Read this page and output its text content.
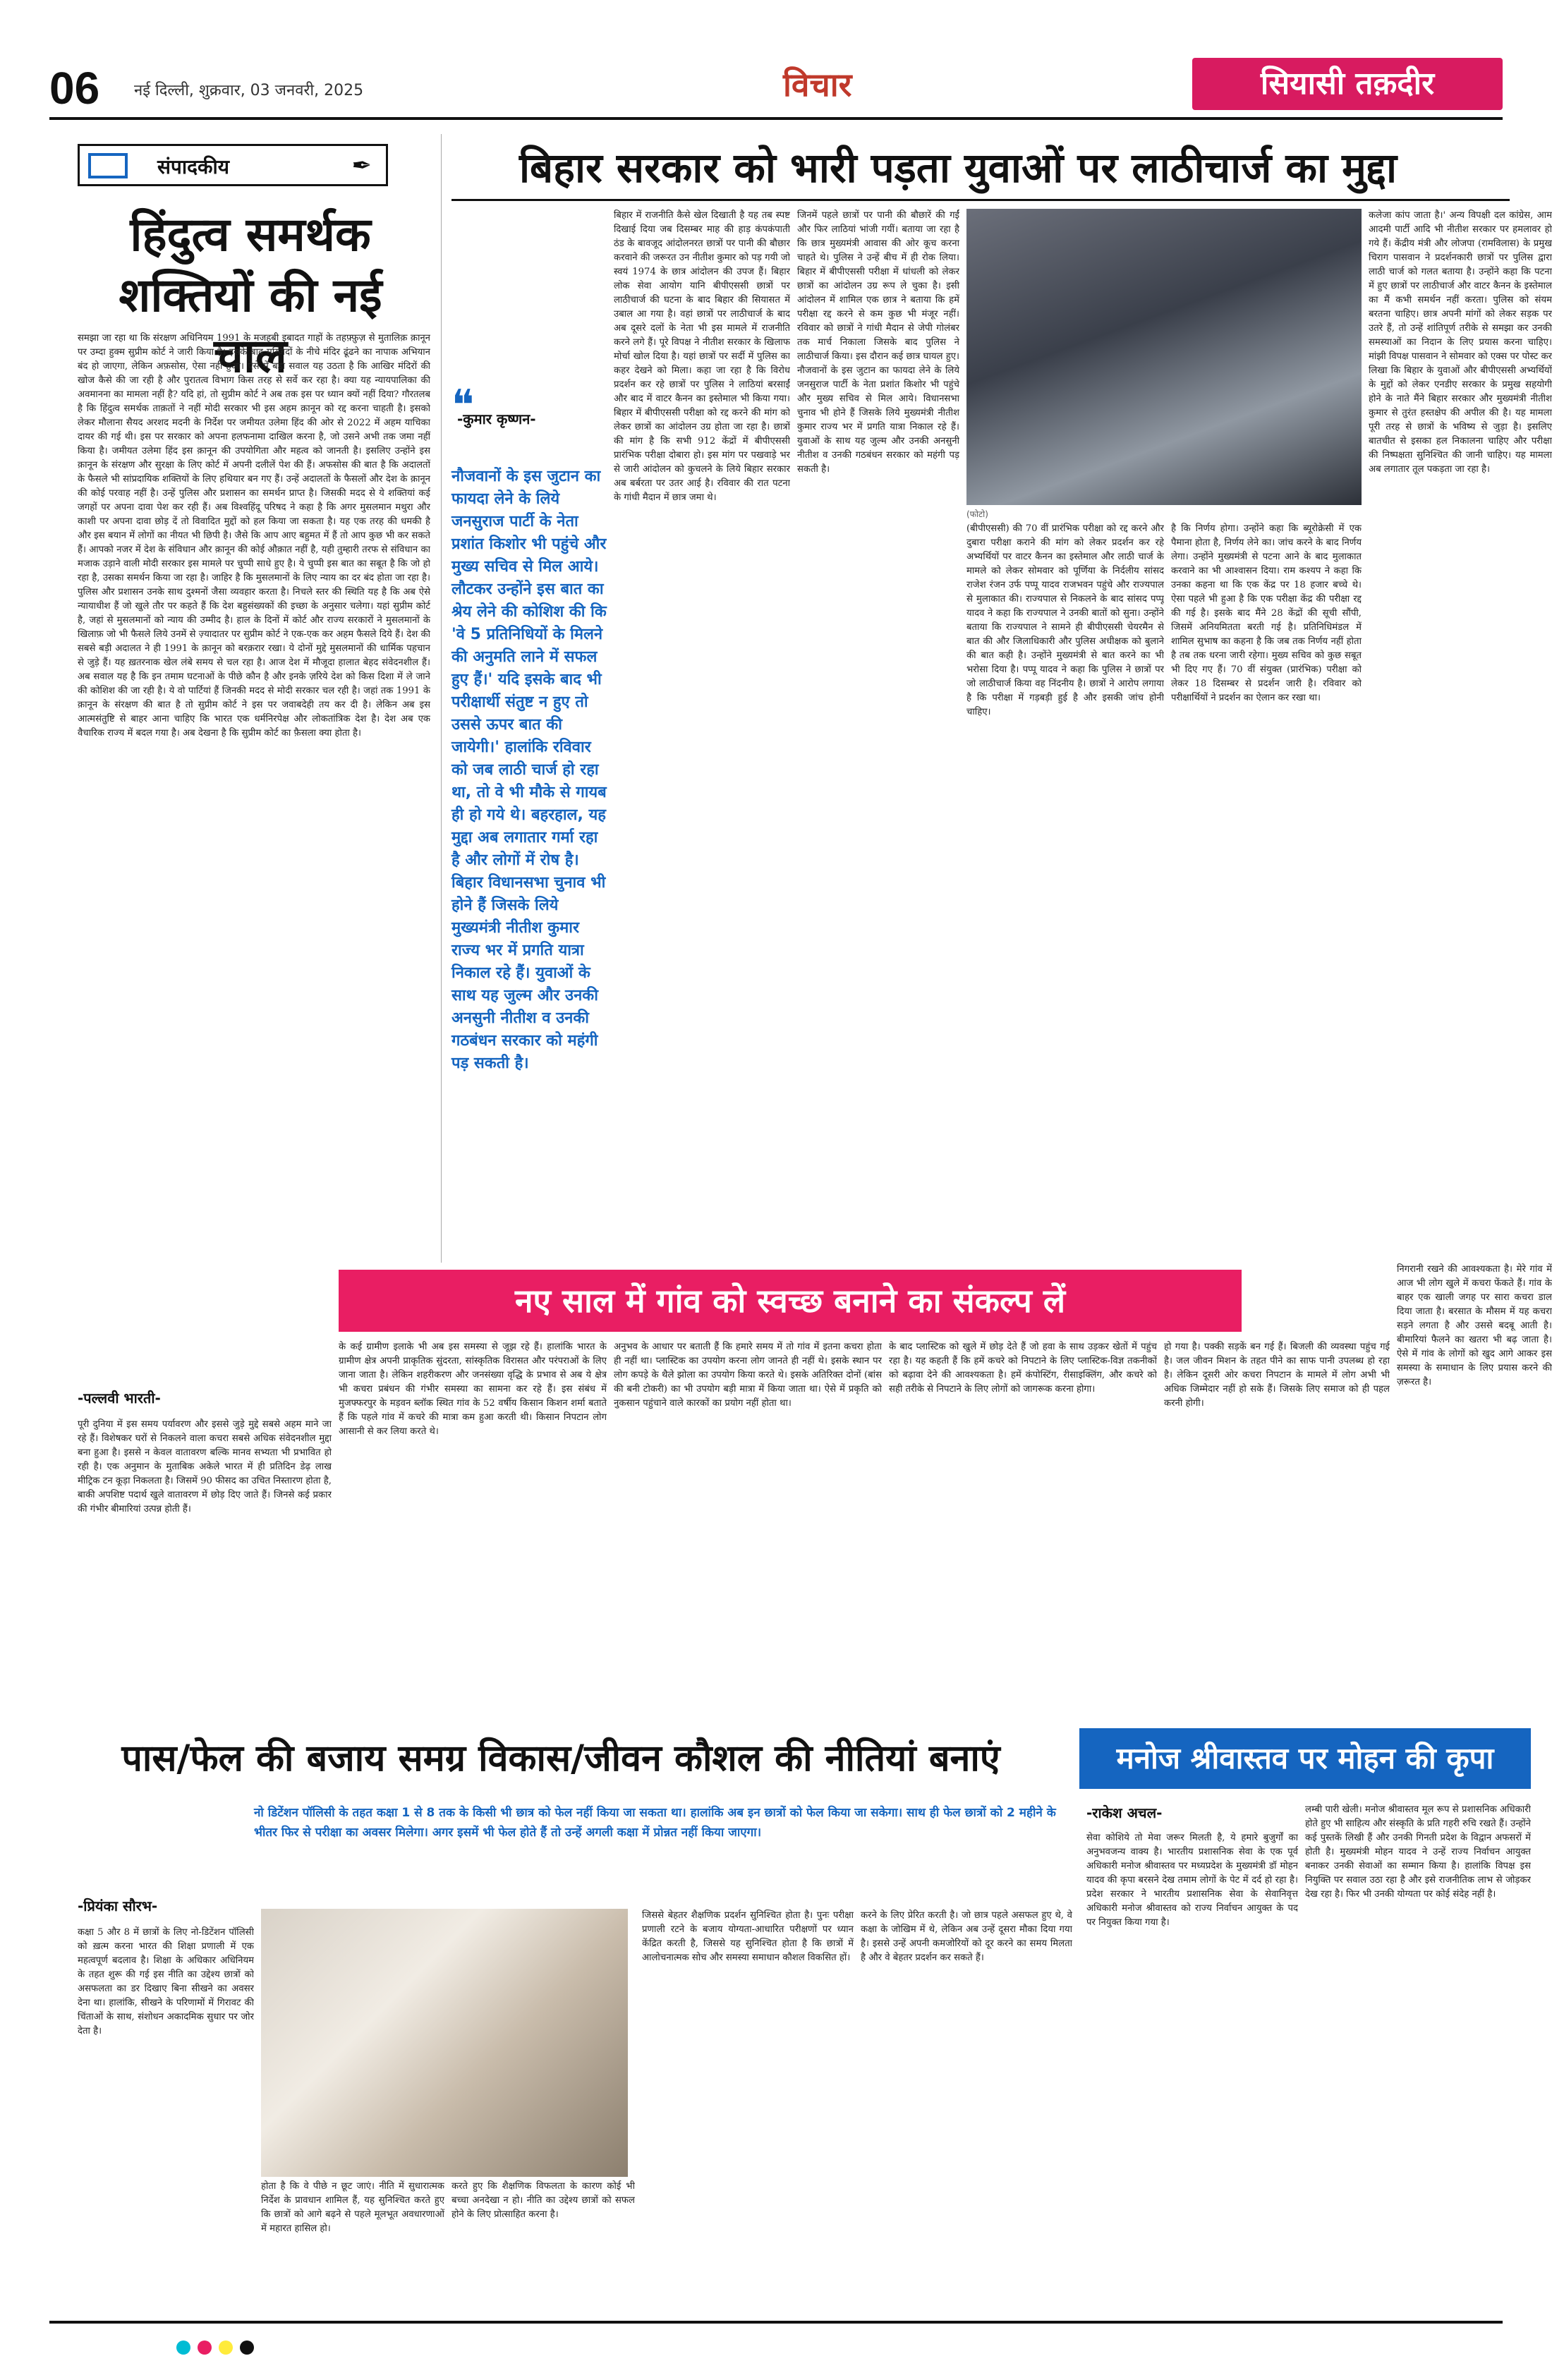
06 नई दिल्ली, शुक्रवार, 03 जनवरी, 2025	विचार	सियासी तक़दीर
संपादकीय	✒
हिंदुत्व समर्थक शक्तियों की नई चाल
समझा जा रहा था कि संरक्षण अधिनियम 1991 के मजहबी इबादत गाहों के तहफ़्फ़ुज़ से मुतालिक़ क़ानून पर उम्दा हुक्म सुप्रीम कोर्ट ने जारी किया है। इसके बाद मस्जिदों के नीचे मंदिर ढूंढने का नापाक अभियान बंद हो जाएगा, लेकिन अफ़सोस, ऐसा नहीं हुआ। ऐसे में बड़ा सवाल यह उठता है कि आखिर मंदिरों की खोज कैसे की जा रही है और पुरातत्व विभाग किस तरह से सर्वे कर रहा है। क्या यह न्यायपालिका की अवमानना का मामला नहीं है? यदि हां, तो सुप्रीम कोर्ट ने अब तक इस पर ध्यान क्यों नहीं दिया? गौरतलब है कि हिंदुत्व समर्थक ताक़तों ने नहीं मोदी सरकार भी इस अहम क़ानून को रद्द करना चाहती है। इसको लेकर मौलाना सैयद अरशद मदनी के निर्देश पर जमीयत उलेमा हिंद की ओर से 2022 में अहम याचिका दायर की गई थी। इस पर सरकार को अपना हलफनामा दाखिल करना है, जो उसने अभी तक जमा नहीं किया है। जमीयत उलेमा हिंद इस क़ानून की उपयोगिता और महत्व को जानती है। इसलिए उन्होंने इस क़ानून के संरक्षण और सुरक्षा के लिए कोर्ट में अपनी दलीलें पेश की हैं। अफसोस की बात है कि अदालतों के फैसले भी सांप्रदायिक शक्तियों के लिए हथियार बन गए हैं। उन्हें अदालतों के फैसलों और देश के क़ानून की कोई परवाह नहीं है। उन्हें पुलिस और प्रशासन का समर्थन प्राप्त है। जिसकी मदद से ये शक्तियां कई जगहों पर अपना दावा पेश कर रही हैं। अब विश्वहिंदू परिषद ने कहा है कि अगर मुसलमान मथुरा और काशी पर अपना दावा छोड़ दें तो विवादित मुद्दों को हल किया जा सकता है। यह एक तरह की धमकी है और इस बयान में लोगों का नीयत भी छिपी है। जैसे कि आप आए बहुमत में हैं तो आप कुछ भी कर सकते हैं। आपको नजर में देश के संविधान और क़ानून की कोई औक़ात नहीं है, यही तुम्हारी तरफ से संविधान का मजाक उड़ाने वाली मोदी सरकार इस मामले पर चुप्पी साधे हुए है। ये चुप्पी इस बात का सबूत है कि जो हो रहा है, उसका समर्थन किया जा रहा है। जाहिर है कि मुसलमानों के लिए न्याय का दर बंद होता जा रहा है। पुलिस और प्रशासन उनके साथ दुश्मनों जैसा व्यवहार करता है। निचले स्तर की स्थिति यह है कि अब ऐसे न्यायाधीश हैं जो खुले तौर पर कहते हैं कि देश बहुसंख्यकों की इच्छा के अनुसार चलेगा। यहां सुप्रीम कोर्ट है, जहां से मुसलमानों को न्याय की उम्मीद है। हाल के दिनों में कोर्ट और राज्य सरकारों ने मुसलमानों के खिलाफ़ जो भी फैसले लिये उनमें से ज़्यादातर पर सुप्रीम कोर्ट ने एक-एक कर अहम फैसले दिये हैं। देश की सबसे बड़ी अदालत ने ही 1991 के क़ानून को बरक़रार रखा। ये दोनों मुद्दे मुसलमानों की धार्मिक पहचान से जुड़े हैं। यह ख़तरनाक खेल लंबे समय से चल रहा है। आज देश में मौजूदा हालात बेहद संवेदनशील हैं। अब सवाल यह है कि इन तमाम घटनाओं के पीछे कौन है और इनके ज़रिये देश को किस दिशा में ले जाने की कोशिश की जा रही है। ये वो पार्टियां हैं जिनकी मदद से मोदी सरकार चल रही है। जहां तक 1991 के क़ानून के संरक्षण की बात है तो सुप्रीम कोर्ट ने इस पर जवाबदेही तय कर दी है। लेकिन अब इस आत्मसंतुष्टि से बाहर आना चाहिए कि भारत एक धर्मनिरपेक्ष और लोकतांत्रिक देश है। देश अब एक वैचारिक राज्य में बदल गया है। अब देखना है कि सुप्रीम कोर्ट का फ़ैसला क्या होता है।
बिहार सरकार को भारी पड़ता युवाओं पर लाठीचार्ज का मुद्दा
❝
-कुमार कृष्णन-
नौजवानों के इस जुटान का फायदा लेने के लिये जनसुराज पार्टी के नेता प्रशांत किशोर भी पहुंचे और मुख्य सचिव से मिल आये। लौटकर उन्होंने इस बात का श्रेय लेने की कोशिश की कि 'वे 5 प्रतिनिधियों के मिलने की अनुमति लाने में सफल हुए हैं।' यदि इसके बाद भी परीक्षार्थी संतुष्ट न हुए तो उससे ऊपर बात की जायेगी।' हालांकि रविवार को जब लाठी चार्ज हो रहा था, तो वे भी मौके से गायब ही हो गये थे। बहरहाल, यह मुद्दा अब लगातार गर्मा रहा है और लोगों में रोष है। बिहार विधानसभा चुनाव भी होने हैं जिसके लिये मुख्यमंत्री नीतीश कुमार राज्य भर में प्रगति यात्रा निकाल रहे हैं। युवाओं के साथ यह जुल्म और उनकी अनसुनी नीतीश व उनकी गठबंधन सरकार को महंगी पड़ सकती है।
बिहार में राजनीति कैसे खेल दिखाती है यह तब स्पष्ट दिखाई दिया जब दिसम्बर माह की हाड़ कंपकंपाती ठंड के बावजूद आंदोलनरत छात्रों पर पानी की बौछार करवाने की जरूरत उन नीतीश कुमार को पड़ गयी जो स्वयं 1974 के छात्र आंदोलन की उपज हैं। बिहार लोक सेवा आयोग यानि बीपीएससी छात्रों पर लाठीचार्ज की घटना के बाद बिहार की सियासत में उबाल आ गया है। वहां छात्रों पर लाठीचार्ज के बाद अब दूसरे दलों के नेता भी इस मामले में राजनीति करने लगे हैं। पूरे विपक्ष ने नीतीश सरकार के खिलाफ मोर्चा खोल दिया है। यहां छात्रों पर सर्दी में पुलिस का कहर देखने को मिला। कहा जा रहा है कि विरोध प्रदर्शन कर रहे छात्रों पर पुलिस ने लाठियां बरसाईं और बाद में वाटर कैनन का इस्तेमाल भी किया गया। बिहार में बीपीएससी परीक्षा को रद्द करने की मांग को लेकर छात्रों का आंदोलन उग्र होता जा रहा है। छात्रों की मांग है कि सभी 912 केंद्रों में बीपीएससी प्रारंभिक परीक्षा दोबारा हो। इस मांग पर पखवाड़े भर से जारी आंदोलन को कुचलने के लिये बिहार सरकार अब बर्बरता पर उतर आई है। रविवार की रात पटना के गांधी मैदान में छात्र जमा थे।
जिनमें पहले छात्रों पर पानी की बौछारें की गईं और फिर लाठियां भांजी गयीं। बताया जा रहा है कि छात्र मुख्यमंत्री आवास की ओर कूच करना चाहते थे। पुलिस ने उन्हें बीच में ही रोक लिया। बिहार में बीपीएससी परीक्षा में धांधली को लेकर छात्रों का आंदोलन उग्र रूप ले चुका है। इसी आंदोलन में शामिल एक छात्र ने बताया कि हमें परीक्षा रद्द करने से कम कुछ भी मंजूर नहीं। रविवार को छात्रों ने गांधी मैदान से जेपी गोलंबर तक मार्च निकाला जिसके बाद पुलिस ने लाठीचार्ज किया। इस दौरान कई छात्र घायल हुए। नौजवानों के इस जुटान का फायदा लेने के लिये जनसुराज पार्टी के नेता प्रशांत किशोर भी पहुंचे और मुख्य सचिव से मिल आये। विधानसभा चुनाव भी होने हैं जिसके लिये मुख्यमंत्री नीतीश कुमार राज्य भर में प्रगति यात्रा निकाल रहे हैं। युवाओं के साथ यह जुल्म और उनकी अनसुनी नीतीश व उनकी गठबंधन सरकार को महंगी पड़ सकती है।
(फोटो)
(बीपीएससी) की 70 वीं प्रारंभिक परीक्षा को रद्द करने और दुबारा परीक्षा कराने की मांग को लेकर प्रदर्शन कर रहे अभ्यर्थियों पर वाटर कैनन का इस्तेमाल और लाठी चार्ज के मामले को लेकर सोमवार को पूर्णिया के निर्दलीय सांसद राजेश रंजन उर्फ पप्पू यादव राजभवन पहुंचे और राज्यपाल से मुलाकात की। राज्यपाल से निकलने के बाद सांसद पप्पू यादव ने कहा कि राज्यपाल ने उनकी बातों को सुना। उन्होंने बताया कि राज्यपाल ने सामने ही बीपीएससी चेयरमैन से बात की और जिलाधिकारी और पुलिस अधीक्षक को बुलाने की बात कही है। उन्होंने मुख्यमंत्री से बात करने का भी भरोसा दिया है। पप्पू यादव ने कहा कि पुलिस ने छात्रों पर जो लाठीचार्ज किया वह निंदनीय है। छात्रों ने आरोप लगाया है कि परीक्षा में गड़बड़ी हुई है और इसकी जांच होनी चाहिए।
है कि निर्णय होगा। उन्होंने कहा कि ब्यूरोक्रेसी में एक पैमाना होता है, निर्णय लेने का। जांच करने के बाद निर्णय लेगा। उन्होंने मुख्यमंत्री से पटना आने के बाद मुलाकात करवाने का भी आश्वासन दिया। राम कश्यप ने कहा कि उनका कहना था कि एक केंद्र पर 18 हजार बच्चे थे। ऐसा पहले भी हुआ है कि एक परीक्षा केंद्र की परीक्षा रद्द की गई है। इसके बाद मैंने 28 केंद्रों की सूची सौंपी, जिसमें अनियमितता बरती गई है। प्रतिनिधिमंडल में शामिल सुभाष का कहना है कि जब तक निर्णय नहीं होता है तब तक धरना जारी रहेगा। मुख्य सचिव को कुछ सबूत भी दिए गए हैं। 70 वीं संयुक्त (प्रारंभिक) परीक्षा को लेकर 18 दिसम्बर से प्रदर्शन जारी है। रविवार को परीक्षार्थियों ने प्रदर्शन का ऐलान कर रखा था।
कलेजा कांप जाता है।' अन्य विपक्षी दल कांग्रेस, आम आदमी पार्टी आदि भी नीतीश सरकार पर हमलावर हो गये हैं। केंद्रीय मंत्री और लोजपा (रामविलास) के प्रमुख चिराग पासवान ने प्रदर्शनकारी छात्रों पर पुलिस द्वारा लाठी चार्ज को गलत बताया है। उन्होंने कहा कि पटना में हुए छात्रों पर लाठीचार्ज और वाटर कैनन के इस्तेमाल का मैं कभी समर्थन नहीं करता। पुलिस को संयम बरतना चाहिए। छात्र अपनी मांगों को लेकर सड़क पर उतरे हैं, तो उन्हें शांतिपूर्ण तरीके से समझा कर उनकी समस्याओं का निदान के लिए प्रयास करना चाहिए। मांझी विपक्ष पासवान ने सोमवार को एक्स पर पोस्ट कर लिखा कि बिहार के युवाओं और बीपीएससी अभ्यर्थियों के मुद्दों को लेकर एनडीए सरकार के प्रमुख सहयोगी होने के नाते मैंने बिहार सरकार और मुख्यमंत्री नीतीश कुमार से तुरंत हस्तक्षेप की अपील की है। यह मामला पूरी तरह से छात्रों के भविष्य से जुड़ा है। इसलिए बातचीत से इसका हल निकालना चाहिए और परीक्षा की निष्पक्षता सुनिश्चित की जानी चाहिए। यह मामला अब लगातार तूल पकड़ता जा रहा है।
नए साल में गांव को स्वच्छ बनाने का संकल्प लें
-पल्लवी भारती-
पूरी दुनिया में इस समय पर्यावरण और इससे जुड़े मुद्दे सबसे अहम माने जा रहे हैं। विशेषकर घरों से निकलने वाला कचरा सबसे अधिक संवेदनशील मुद्दा बना हुआ है। इससे न केवल वातावरण बल्कि मानव सभ्यता भी प्रभावित हो रही है। एक अनुमान के मुताबिक अकेले भारत में ही प्रतिदिन डेढ़ लाख मीट्रिक टन कूड़ा निकलता है। जिसमें 90 फीसद का उचित निस्तारण होता है, बाकी अपशिष्ट पदार्थ खुले वातावरण में छोड़ दिए जाते हैं। जिनसे कई प्रकार की गंभीर बीमारियां उत्पन्न होती हैं।
के कई ग्रामीण इलाके भी अब इस समस्या से जूझ रहे हैं। हालांकि भारत के ग्रामीण क्षेत्र अपनी प्राकृतिक सुंदरता, सांस्कृतिक विरासत और परंपराओं के लिए जाना जाता है। लेकिन शहरीकरण और जनसंख्या वृद्धि के प्रभाव से अब ये क्षेत्र भी कचरा प्रबंधन की गंभीर समस्या का सामना कर रहे हैं। इस संबंध में मुजफ्फरपुर के मड़वन ब्लॉक स्थित गांव के 52 वर्षीय किसान किशन शर्मा बताते हैं कि पहले गांव में कचरे की मात्रा कम हुआ करती थी। किसान निपटान लोग आसानी से कर लिया करते थे।
अनुभव के आधार पर बताती हैं कि हमारे समय में तो गांव में इतना कचरा होता ही नहीं था। प्लास्टिक का उपयोग करना लोग जानते ही नहीं थे। इसके स्थान पर लोग कपड़े के थैले झोला का उपयोग किया करते थे। इसके अतिरिक्त दोनों (बांस की बनी टोकरी) का भी उपयोग बड़ी मात्रा में किया जाता था। ऐसे में प्रकृति को नुकसान पहुंचाने वाले कारकों का प्रयोग नहीं होता था।
के बाद प्लास्टिक को खुले में छोड़ देते हैं जो हवा के साथ उड़कर खेतों में पहुंच रहा है। यह कहती हैं कि हमें कचरे को निपटाने के लिए प्लास्टिक-विज्ञ तकनीकों को बढ़ावा देने की आवश्यकता है। हमें कंपोस्टिंग, रीसाइक्लिंग, और कचरे को सही तरीके से निपटाने के लिए लोगों को जागरूक करना होगा।
हो गया है। पक्की सड़कें बन गई हैं। बिजली की व्यवस्था पहुंच गई है। जल जीवन मिशन के तहत पीने का साफ पानी उपलब्ध हो रहा है। लेकिन दूसरी ओर कचरा निपटान के मामले में लोग अभी भी अधिक जिम्मेदार नहीं हो सके हैं। जिसके लिए समाज को ही पहल करनी होगी।
निगरानी रखने की आवश्यकता है। मेरे गांव में आज भी लोग खुले में कचरा फेंकते हैं। गांव के बाहर एक खाली जगह पर सारा कचरा डाल दिया जाता है। बरसात के मौसम में यह कचरा सड़ने लगता है और उससे बदबू आती है। बीमारियां फैलने का खतरा भी बढ़ जाता है। ऐसे में गांव के लोगों को खुद आगे आकर इस समस्या के समाधान के लिए प्रयास करने की ज़रूरत है।
पास/फेल की बजाय समग्र विकास/जीवन कौशल की नीतियां बनाएं
नो डिटेंशन पॉलिसी के तहत कक्षा 1 से 8 तक के किसी भी छात्र को फेल नहीं किया जा सकता था। हालांकि अब इन छात्रों को फेल किया जा सकेगा। साथ ही फेल छात्रों को 2 महीने के भीतर फिर से परीक्षा का अवसर मिलेगा। अगर इसमें भी फेल होते हैं तो उन्हें अगली कक्षा में प्रोन्नत नहीं किया जाएगा।
-प्रियंका सौरभ-
कक्षा 5 और 8 में छात्रों के लिए नो-डिटेंशन पॉलिसी को ख़त्म करना भारत की शिक्षा प्रणाली में एक महत्वपूर्ण बदलाव है। शिक्षा के अधिकार अधिनियम के तहत शुरू की गई इस नीति का उद्देश्य छात्रों को असफलता का डर दिखाए बिना सीखने का अवसर देना था। हालांकि, सीखने के परिणामों में गिरावट की चिंताओं के साथ, संशोधन अकादमिक सुधार पर जोर देता है।
होता है कि वे पीछे न छूट जाएं। नीति में सुधारात्मक निर्देश के प्रावधान शामिल हैं, यह सुनिश्चित करते हुए कि छात्रों को आगे बढ़ने से पहले मूलभूत अवधारणाओं में महारत हासिल हो।
करते हुए कि शैक्षणिक विफलता के कारण कोई भी बच्चा अनदेखा न हो। नीति का उद्देश्य छात्रों को सफल होने के लिए प्रोत्साहित करना है।
जिससे बेहतर शैक्षणिक प्रदर्शन सुनिश्चित होता है। पुनः परीक्षा प्रणाली रटने के बजाय योग्यता-आधारित परीक्षणों पर ध्यान केंद्रित करती है, जिससे यह सुनिश्चित होता है कि छात्रों में आलोचनात्मक सोच और समस्या समाधान कौशल विकसित हों।
करने के लिए प्रेरित करती है। जो छात्र पहले असफल हुए थे, वे कक्षा के जोखिम में थे, लेकिन अब उन्हें दूसरा मौका दिया गया है। इससे उन्हें अपनी कमजोरियों को दूर करने का समय मिलता है और वे बेहतर प्रदर्शन कर सकते हैं।
मनोज श्रीवास्तव पर मोहन की कृपा
-राकेश अचल-
सेवा कोशिये तो मेवा जरूर मिलती है, ये हमारे बुजुर्गों का अनुभवजन्य वाक्य है। भारतीय प्रशासनिक सेवा के एक पूर्व अधिकारी मनोज श्रीवास्तव पर मध्यप्रदेश के मुख्यमंत्री डॉ मोहन यादव की कृपा बरसने देख तमाम लोगों के पेट में दर्द हो रहा है। प्रदेश सरकार ने भारतीय प्रशासनिक सेवा के सेवानिवृत्त अधिकारी मनोज श्रीवास्तव को राज्य निर्वाचन आयुक्त के पद पर नियुक्त किया गया है।
लम्बी पारी खेली। मनोज श्रीवास्तव मूल रूप से प्रशासनिक अधिकारी होते हुए भी साहित्य और संस्कृति के प्रति गहरी रुचि रखते हैं। उन्होंने कई पुस्तकें लिखी हैं और उनकी गिनती प्रदेश के विद्वान अफसरों में होती है। मुख्यमंत्री मोहन यादव ने उन्हें राज्य निर्वाचन आयुक्त बनाकर उनकी सेवाओं का सम्मान किया है। हालांकि विपक्ष इस नियुक्ति पर सवाल उठा रहा है और इसे राजनीतिक लाभ से जोड़कर देख रहा है। फिर भी उनकी योग्यता पर कोई संदेह नहीं है।
